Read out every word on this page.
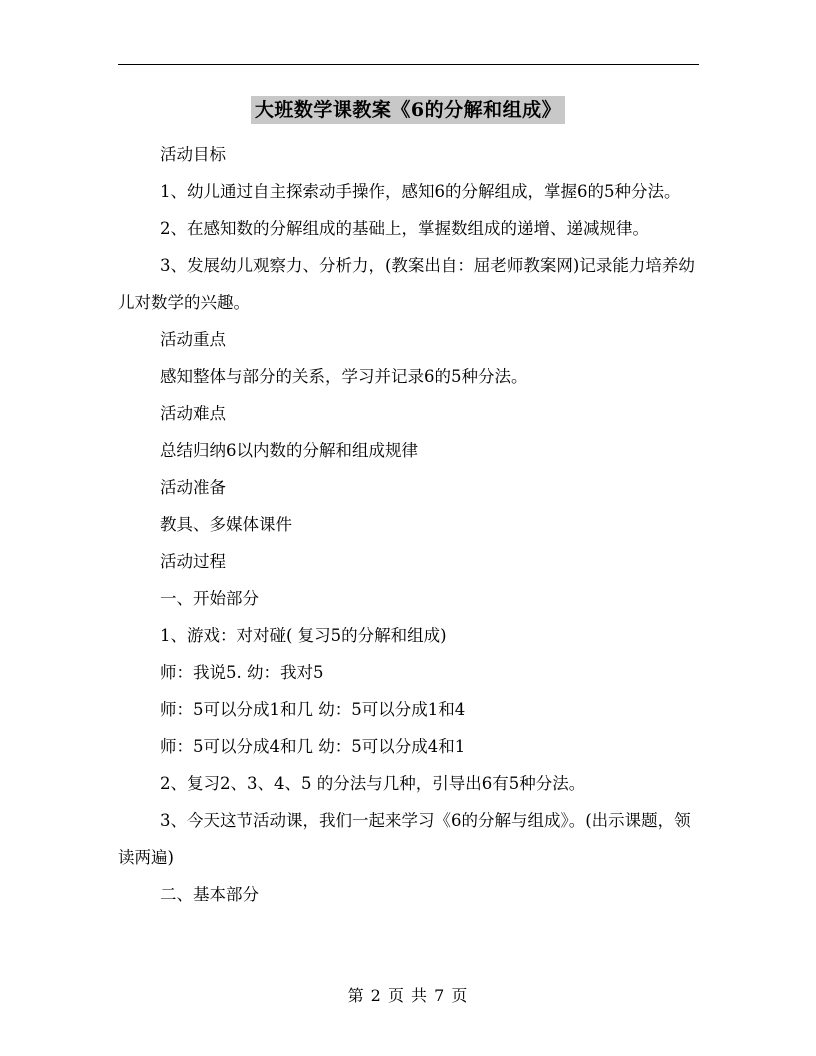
大班数学课教案《6的分解和组成》

活动目标

1、幼儿通过自主探索动手操作，感知6的分解组成，掌握6的5种分法。

2、在感知数的分解组成的基础上，掌握数组成的递增、递减规律。

3、发展幼儿观察力、分析力，(教案出自：屈老师教案网)记录能力培养幼儿对数学的兴趣。

活动重点

感知整体与部分的关系，学习并记录6的5种分法。

活动难点

总结归纳6以内数的分解和组成规律

活动准备

教具、多媒体课件

活动过程

一、开始部分

1、游戏：对对碰( 复习5的分解和组成)

师：我说5. 幼：我对5

师：5可以分成1和几 幼：5可以分成1和4

师：5可以分成4和几 幼：5可以分成4和1

2、复习2、3、4、5 的分法与几种，引导出6有5种分法。

3、今天这节活动课，我们一起来学习《6的分解与组成》。(出示课题，领读两遍)

二、基本部分

第 2 页 共 7 页
